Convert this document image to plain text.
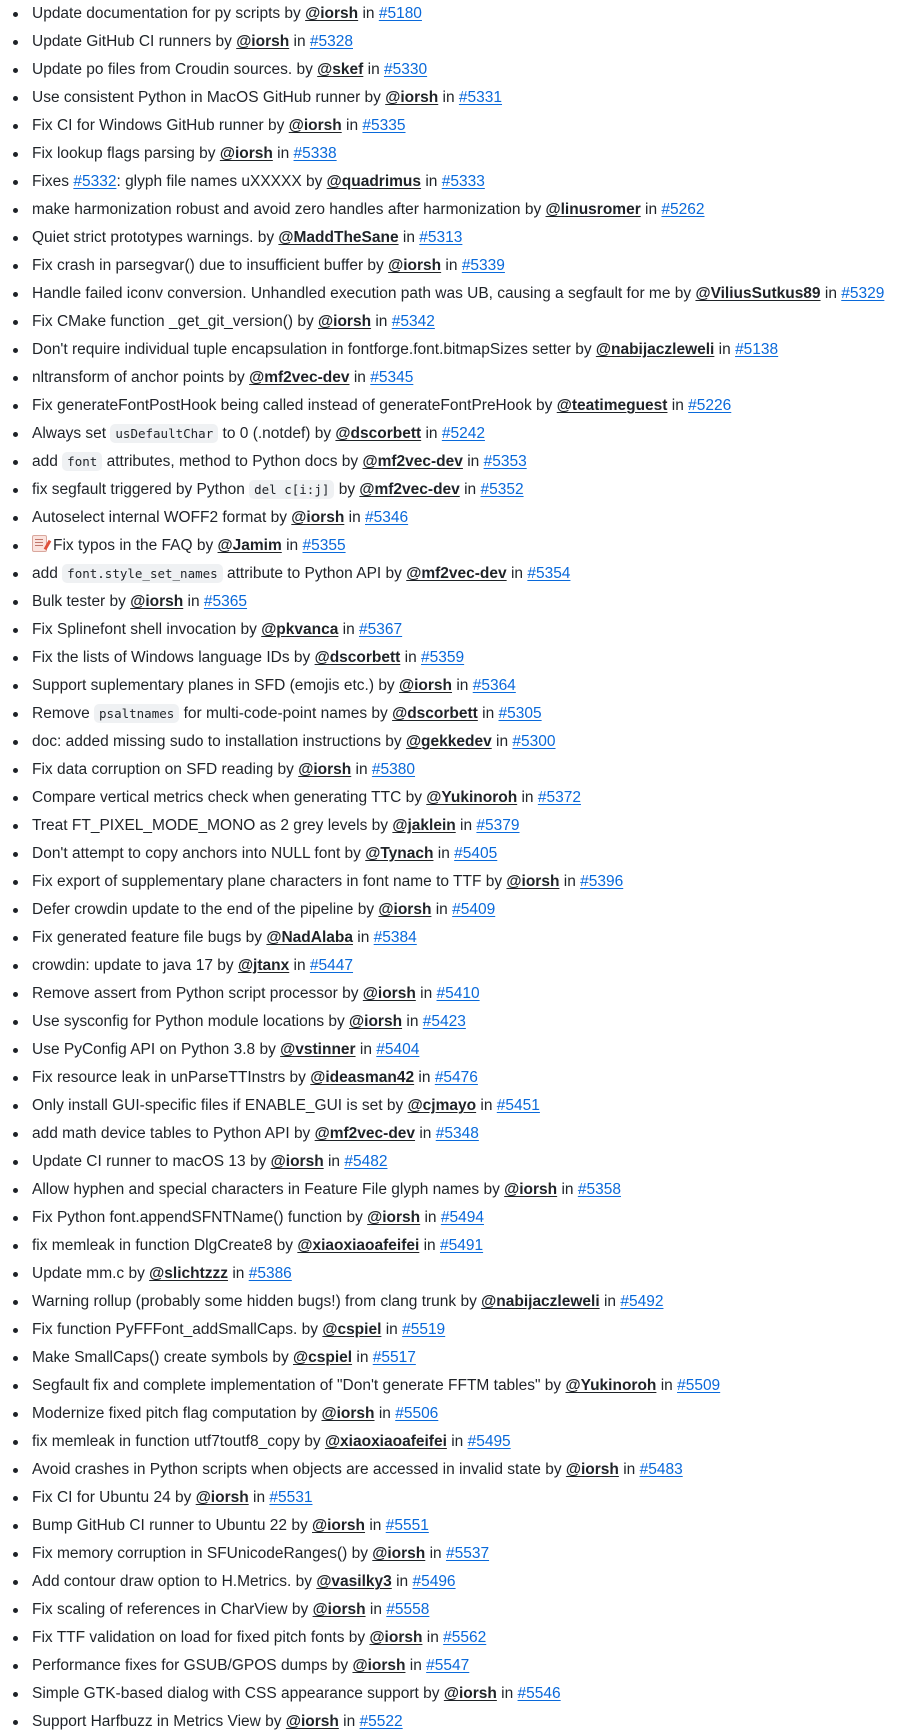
Update documentation for py scripts by @iorsh in #5180
Update GitHub CI runners by @iorsh in #5328
Update po files from Croudin sources. by @skef in #5330
Use consistent Python in MacOS GitHub runner by @iorsh in #5331
Fix CI for Windows GitHub runner by @iorsh in #5335
Fix lookup flags parsing by @iorsh in #5338
Fixes #5332: glyph file names uXXXXX by @quadrimus in #5333
make harmonization robust and avoid zero handles after harmonization by @linusromer in #5262
Quiet strict prototypes warnings. by @MaddTheSane in #5313
Fix crash in parsegvar() due to insufficient buffer by @iorsh in #5339
Handle failed iconv conversion. Unhandled execution path was UB, causing a segfault for me by @ViliusSutkus89 in #5329
Fix CMake function _get_git_version() by @iorsh in #5342
Don't require individual tuple encapsulation in fontforge.font.bitmapSizes setter by @nabijaczleweli in #5138
nltransform of anchor points by @mf2vec-dev in #5345
Fix generateFontPostHook being called instead of generateFontPreHook by @teatimeguest in #5226
Always set usDefaultChar to 0 (.notdef) by @dscorbett in #5242
add font attributes, method to Python docs by @mf2vec-dev in #5353
fix segfault triggered by Python del c[i:j] by @mf2vec-dev in #5352
Autoselect internal WOFF2 format by @iorsh in #5346
Fix typos in the FAQ by @Jamim in #5355
add font.style_set_names attribute to Python API by @mf2vec-dev in #5354
Bulk tester by @iorsh in #5365
Fix Splinefont shell invocation by @pkvanca in #5367
Fix the lists of Windows language IDs by @dscorbett in #5359
Support suplementary planes in SFD (emojis etc.) by @iorsh in #5364
Remove psaltnames for multi-code-point names by @dscorbett in #5305
doc: added missing sudo to installation instructions by @gekkedev in #5300
Fix data corruption on SFD reading by @iorsh in #5380
Compare vertical metrics check when generating TTC by @Yukinoroh in #5372
Treat FT_PIXEL_MODE_MONO as 2 grey levels by @jaklein in #5379
Don't attempt to copy anchors into NULL font by @Tynach in #5405
Fix export of supplementary plane characters in font name to TTF by @iorsh in #5396
Defer crowdin update to the end of the pipeline by @iorsh in #5409
Fix generated feature file bugs by @NadAlaba in #5384
crowdin: update to java 17 by @jtanx in #5447
Remove assert from Python script processor by @iorsh in #5410
Use sysconfig for Python module locations by @iorsh in #5423
Use PyConfig API on Python 3.8 by @vstinner in #5404
Fix resource leak in unParseTTInstrs by @ideasman42 in #5476
Only install GUI-specific files if ENABLE_GUI is set by @cjmayo in #5451
add math device tables to Python API by @mf2vec-dev in #5348
Update CI runner to macOS 13 by @iorsh in #5482
Allow hyphen and special characters in Feature File glyph names by @iorsh in #5358
Fix Python font.appendSFNTName() function by @iorsh in #5494
fix memleak in function DlgCreate8 by @xiaoxiaoafeifei in #5491
Update mm.c by @slichtzzz in #5386
Warning rollup (probably some hidden bugs!) from clang trunk by @nabijaczleweli in #5492
Fix function PyFFFont_addSmallCaps. by @cspiel in #5519
Make SmallCaps() create symbols by @cspiel in #5517
Segfault fix and complete implementation of "Don't generate FFTM tables" by @Yukinoroh in #5509
Modernize fixed pitch flag computation by @iorsh in #5506
fix memleak in function utf7toutf8_copy by @xiaoxiaoafeifei in #5495
Avoid crashes in Python scripts when objects are accessed in invalid state by @iorsh in #5483
Fix CI for Ubuntu 24 by @iorsh in #5531
Bump GitHub CI runner to Ubuntu 22 by @iorsh in #5551
Fix memory corruption in SFUnicodeRanges() by @iorsh in #5537
Add contour draw option to H.Metrics. by @vasilky3 in #5496
Fix scaling of references in CharView by @iorsh in #5558
Fix TTF validation on load for fixed pitch fonts by @iorsh in #5562
Performance fixes for GSUB/GPOS dumps by @iorsh in #5547
Simple GTK-based dialog with CSS appearance support by @iorsh in #5546
Support Harfbuzz in Metrics View by @iorsh in #5522
